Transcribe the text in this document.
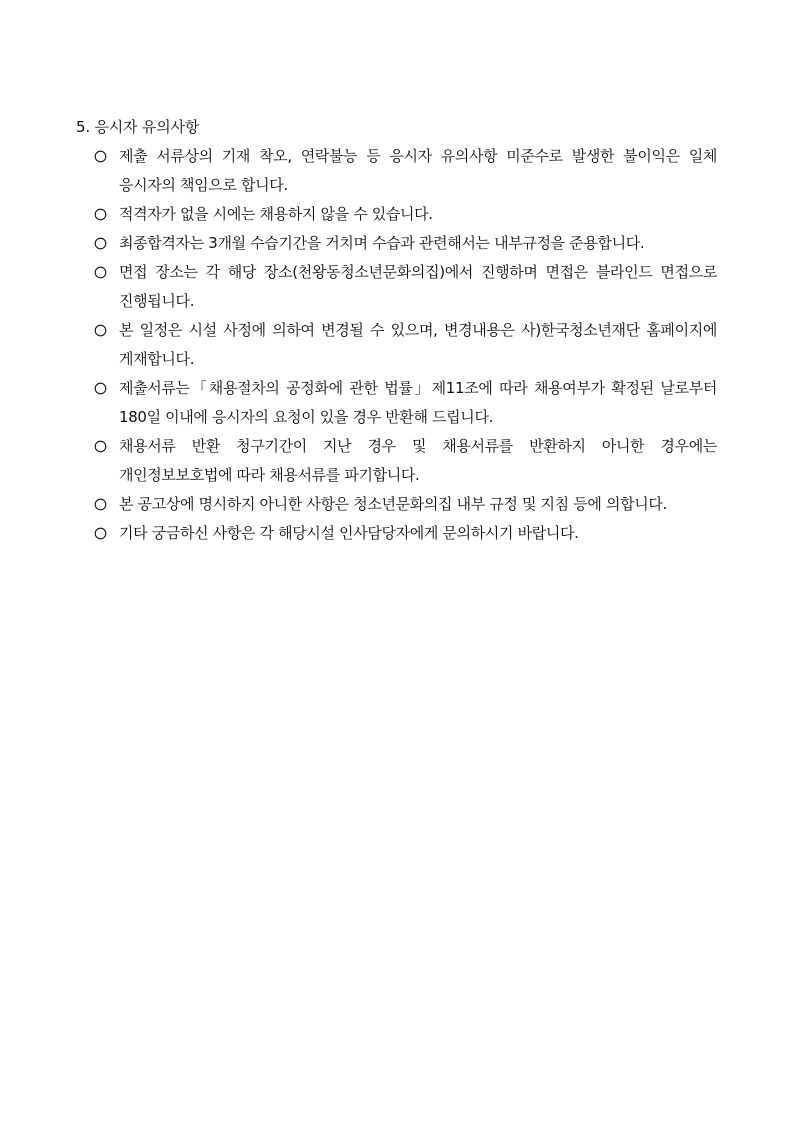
5. 응시자 유의사항
제출 서류상의 기재 착오, 연락불능 등 응시자 유의사항 미준수로 발생한 불이익은 일체 응시자의 책임으로 합니다.
적격자가 없을 시에는 채용하지 않을 수 있습니다.
최종합격자는 3개월 수습기간을 거치며 수습과 관련해서는 내부규정을 준용합니다.
면접 장소는 각 해당 장소(천왕동청소년문화의집)에서 진행하며 면접은 블라인드 면접으로 진행됩니다.
본 일정은 시설 사정에 의하여 변경될 수 있으며, 변경내용은 사)한국청소년재단 홈페이지에 게재합니다.
제출서류는「채용절차의 공정화에 관한 법률」제11조에 따라 채용여부가 확정된 날로부터 180일 이내에 응시자의 요청이 있을 경우 반환해 드립니다.
채용서류 반환 청구기간이 지난 경우 및 채용서류를 반환하지 아니한 경우에는 개인정보보호법에 따라 채용서류를 파기합니다.
본 공고상에 명시하지 아니한 사항은 청소년문화의집 내부 규정 및 지침 등에 의합니다.
기타 궁금하신 사항은 각 해당시설 인사담당자에게 문의하시기 바랍니다.
